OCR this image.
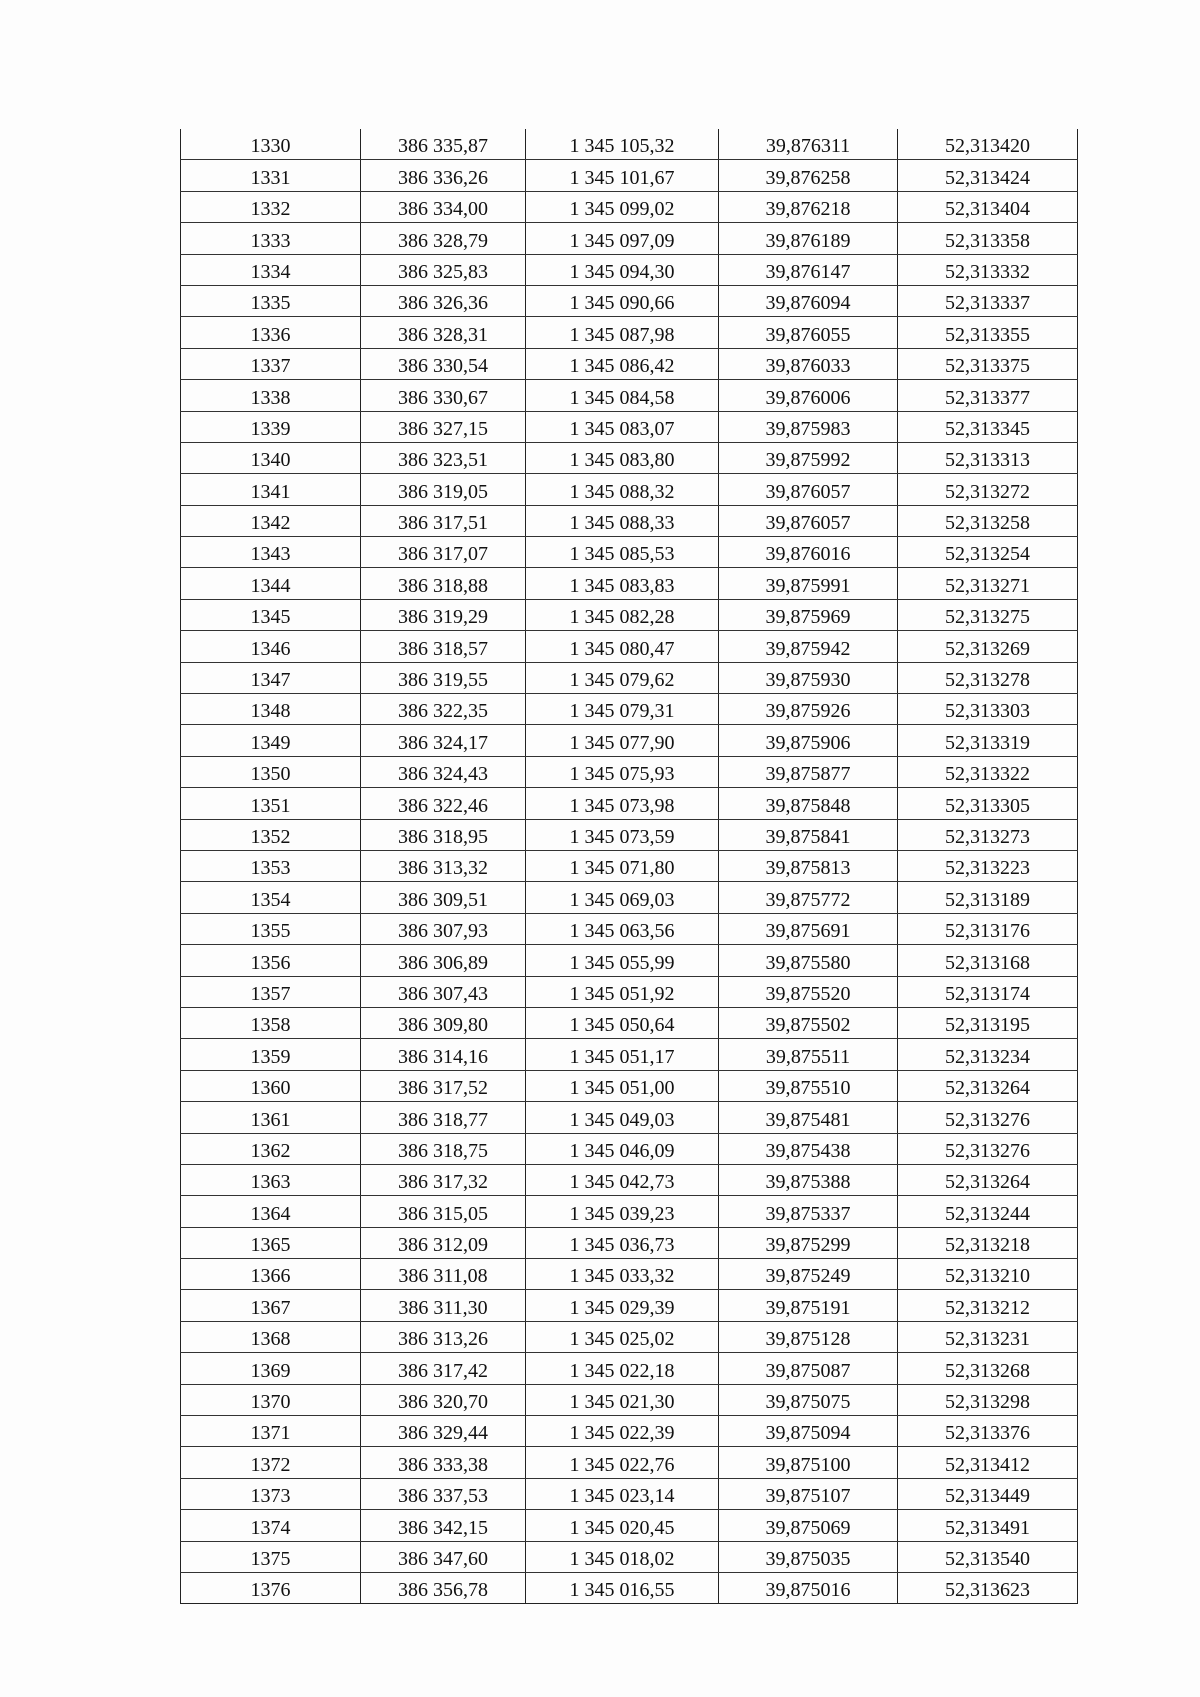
1330	386 335,87	1 345 105,32	39,876311	52,313420
1331	386 336,26	1 345 101,67	39,876258	52,313424
1332	386 334,00	1 345 099,02	39,876218	52,313404
1333	386 328,79	1 345 097,09	39,876189	52,313358
1334	386 325,83	1 345 094,30	39,876147	52,313332
1335	386 326,36	1 345 090,66	39,876094	52,313337
1336	386 328,31	1 345 087,98	39,876055	52,313355
1337	386 330,54	1 345 086,42	39,876033	52,313375
1338	386 330,67	1 345 084,58	39,876006	52,313377
1339	386 327,15	1 345 083,07	39,875983	52,313345
1340	386 323,51	1 345 083,80	39,875992	52,313313
1341	386 319,05	1 345 088,32	39,876057	52,313272
1342	386 317,51	1 345 088,33	39,876057	52,313258
1343	386 317,07	1 345 085,53	39,876016	52,313254
1344	386 318,88	1 345 083,83	39,875991	52,313271
1345	386 319,29	1 345 082,28	39,875969	52,313275
1346	386 318,57	1 345 080,47	39,875942	52,313269
1347	386 319,55	1 345 079,62	39,875930	52,313278
1348	386 322,35	1 345 079,31	39,875926	52,313303
1349	386 324,17	1 345 077,90	39,875906	52,313319
1350	386 324,43	1 345 075,93	39,875877	52,313322
1351	386 322,46	1 345 073,98	39,875848	52,313305
1352	386 318,95	1 345 073,59	39,875841	52,313273
1353	386 313,32	1 345 071,80	39,875813	52,313223
1354	386 309,51	1 345 069,03	39,875772	52,313189
1355	386 307,93	1 345 063,56	39,875691	52,313176
1356	386 306,89	1 345 055,99	39,875580	52,313168
1357	386 307,43	1 345 051,92	39,875520	52,313174
1358	386 309,80	1 345 050,64	39,875502	52,313195
1359	386 314,16	1 345 051,17	39,875511	52,313234
1360	386 317,52	1 345 051,00	39,875510	52,313264
1361	386 318,77	1 345 049,03	39,875481	52,313276
1362	386 318,75	1 345 046,09	39,875438	52,313276
1363	386 317,32	1 345 042,73	39,875388	52,313264
1364	386 315,05	1 345 039,23	39,875337	52,313244
1365	386 312,09	1 345 036,73	39,875299	52,313218
1366	386 311,08	1 345 033,32	39,875249	52,313210
1367	386 311,30	1 345 029,39	39,875191	52,313212
1368	386 313,26	1 345 025,02	39,875128	52,313231
1369	386 317,42	1 345 022,18	39,875087	52,313268
1370	386 320,70	1 345 021,30	39,875075	52,313298
1371	386 329,44	1 345 022,39	39,875094	52,313376
1372	386 333,38	1 345 022,76	39,875100	52,313412
1373	386 337,53	1 345 023,14	39,875107	52,313449
1374	386 342,15	1 345 020,45	39,875069	52,313491
1375	386 347,60	1 345 018,02	39,875035	52,313540
1376	386 356,78	1 345 016,55	39,875016	52,313623
